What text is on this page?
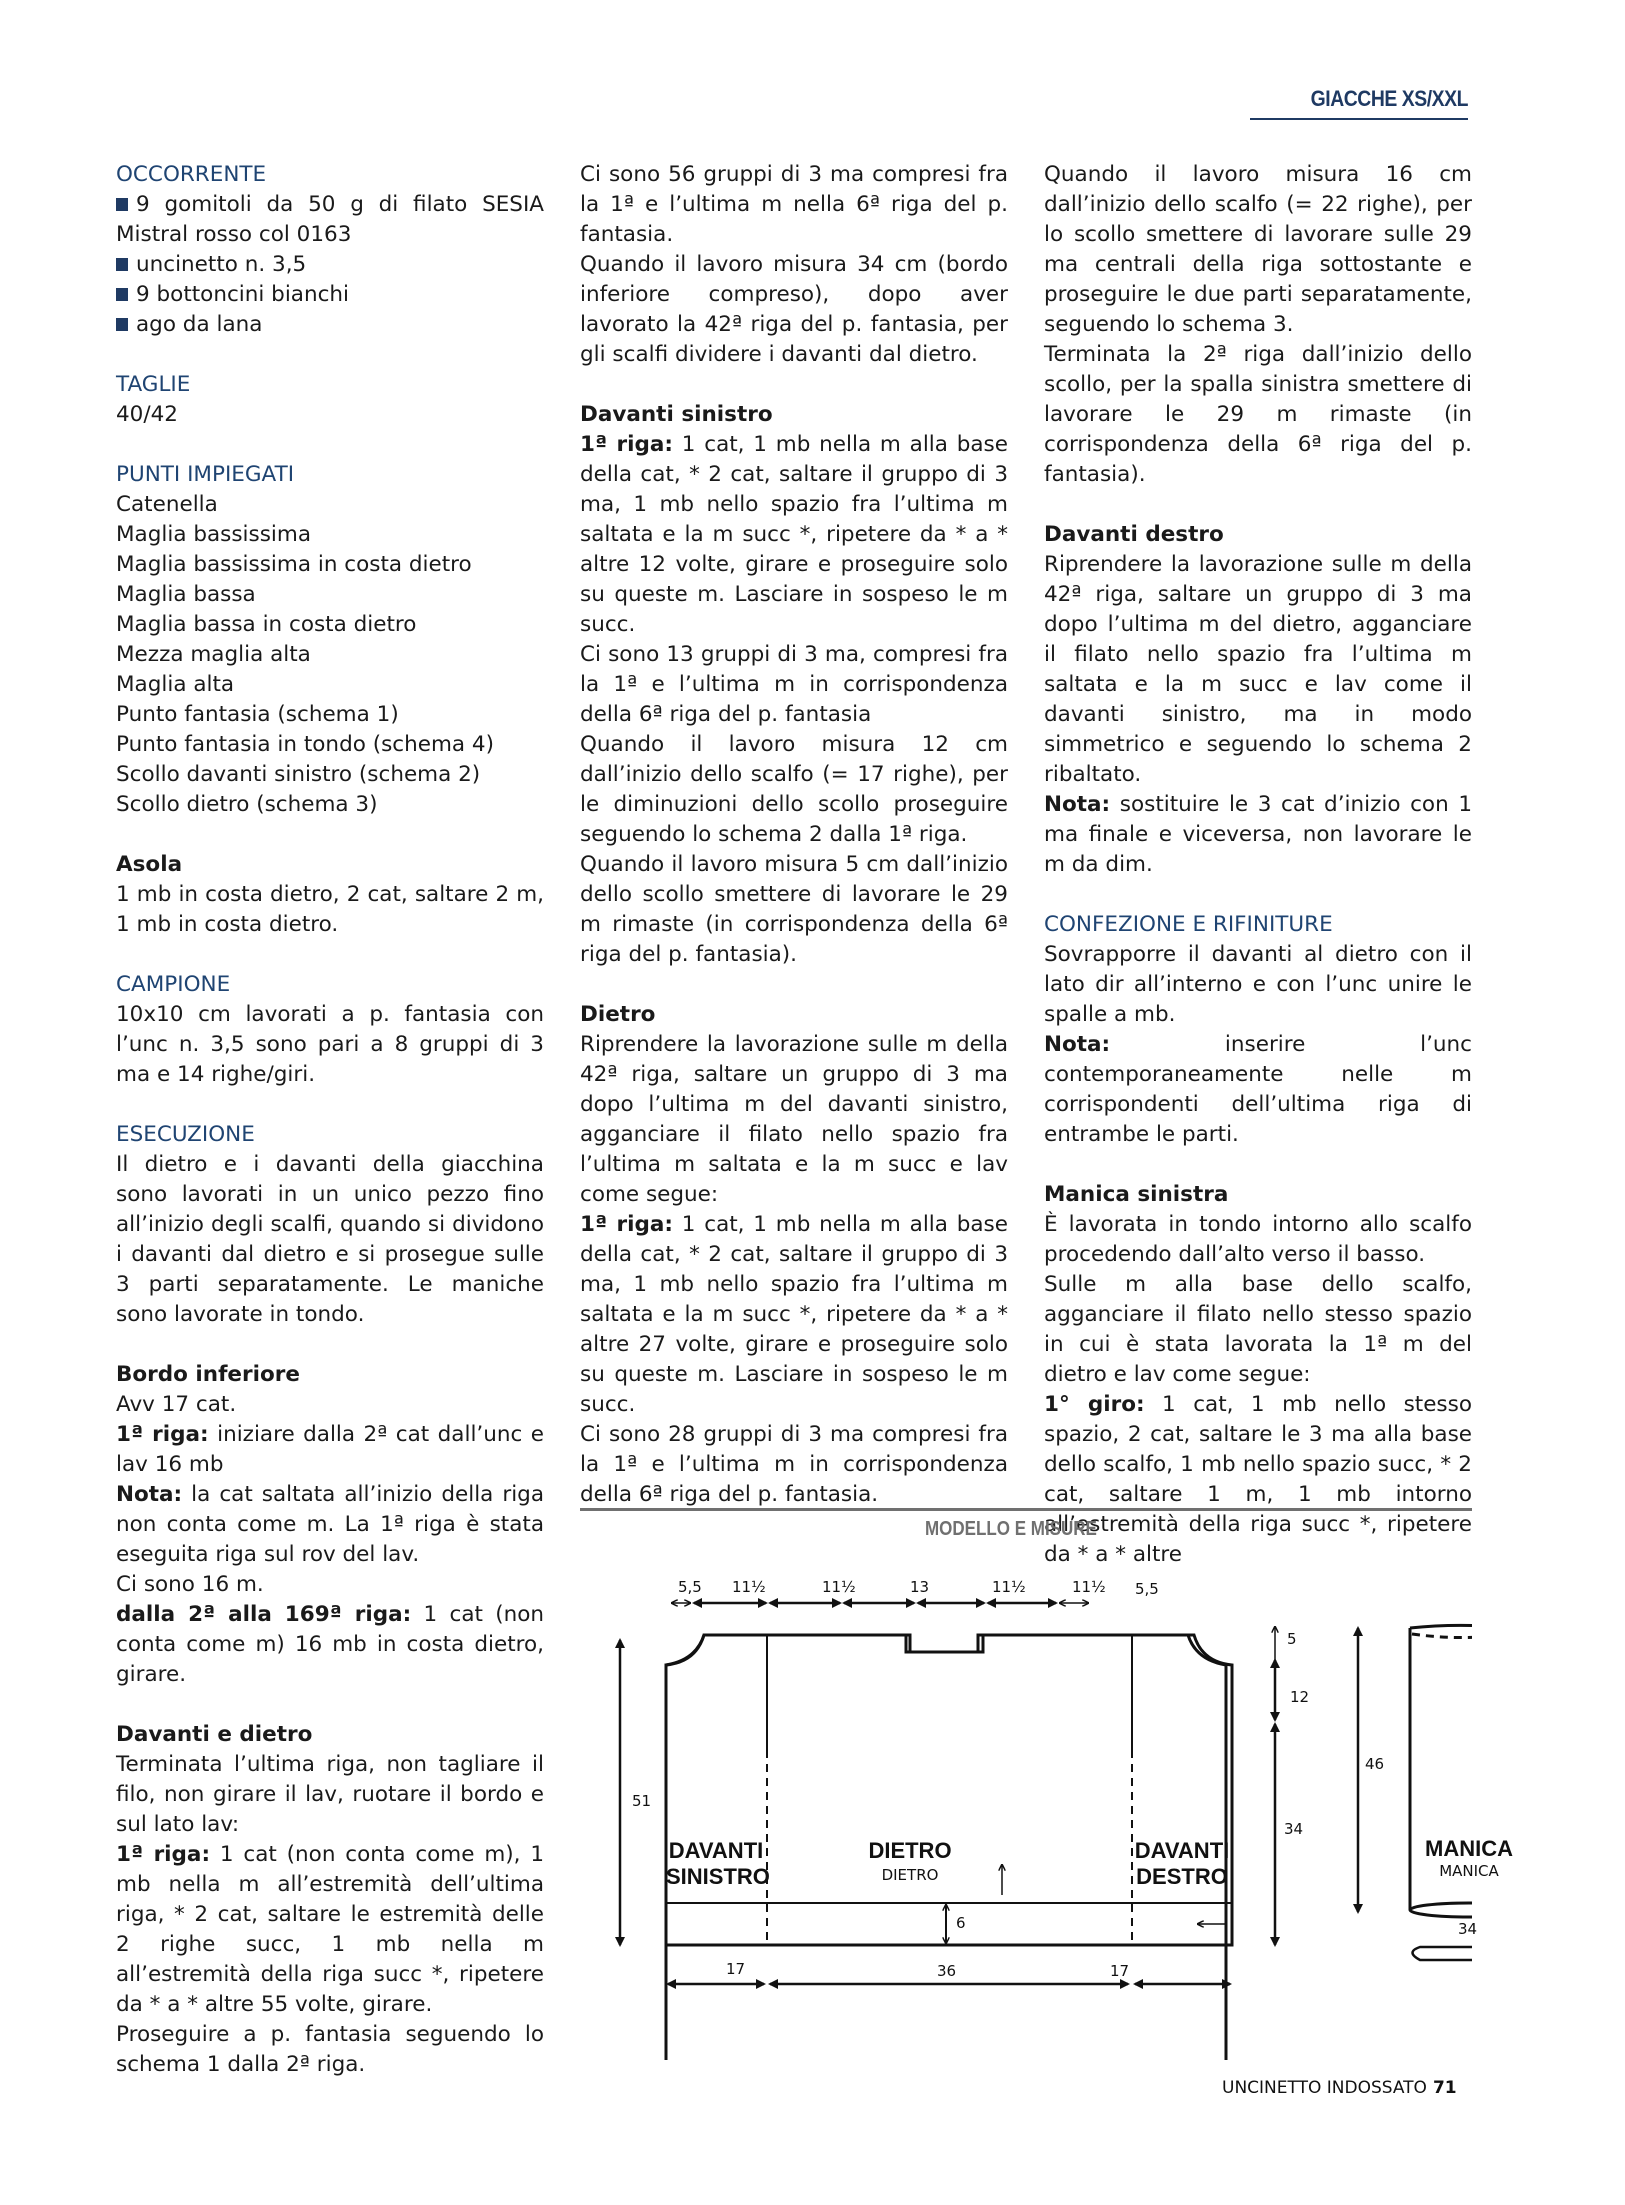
GIACCHE XS/XXL
OCCORRENTE

9 gomitoli da 50 g di filato SESIA Mistral rosso col 0163

uncinetto n. 3,5

9 bottoncini bianchi

ago da lana

TAGLIE

40/42

PUNTI IMPIEGATI

Catenella

Maglia bassissima

Maglia bassissima in costa dietro

Maglia bassa

Maglia bassa in costa dietro

Mezza maglia alta

Maglia alta

Punto fantasia (schema 1)

Punto fantasia in tondo (schema 4)

Scollo davanti sinistro (schema 2)

Scollo dietro (schema 3)

Asola

1 mb in costa dietro, 2 cat, saltare 2 m, 1 mb in costa dietro.

CAMPIONE

10x10 cm lavorati a p. fantasia con l’unc n. 3,5 sono pari a 8 gruppi di 3 ma e 14 righe/giri.

ESECUZIONE

Il dietro e i davanti della giacchina sono lavorati in un unico pezzo fino all’inizio degli scalfi, quando si dividono i davanti dal dietro e si prosegue sulle 3 parti separatamente. Le maniche sono lavorate in tondo.

Bordo inferiore

Avv 17 cat.

1ª riga: iniziare dalla 2ª cat dall’unc e lav 16 mb

Nota: la cat saltata all’inizio della riga non conta come m. La 1ª riga è stata eseguita riga sul rov del lav.

Ci sono 16 m.

dalla 2ª alla 169ª riga: 1 cat (non conta come m) 16 mb in costa dietro, girare.

Davanti e dietro

Terminata l’ultima riga, non tagliare il filo, non girare il lav, ruotare il bordo e sul lato lav:

1ª riga: 1 cat (non conta come m), 1 mb nella m all’estremità dell’ultima riga, * 2 cat, saltare le estremità delle 2 righe succ, 1 mb nella m all’estremità della riga succ *, ripetere da * a * altre 55 volte, girare.

Proseguire a p. fantasia seguendo lo schema 1 dalla 2ª riga.

Ci sono 56 gruppi di 3 ma compresi fra la 1ª e l’ultima m nella 6ª riga del p. fantasia.

Quando il lavoro misura 34 cm (bordo inferiore compreso), dopo aver lavorato la 42ª riga del p. fantasia, per gli scalfi dividere i davanti dal dietro.

Davanti sinistro

1ª riga: 1 cat, 1 mb nella m alla base della cat, * 2 cat, saltare il gruppo di 3 ma, 1 mb nello spazio fra l’ultima m saltata e la m succ *, ripetere da * a * altre 12 volte, girare e proseguire solo su queste m. Lasciare in sospeso le m succ.

Ci sono 13 gruppi di 3 ma, compresi fra la 1ª e l’ultima m in corrispondenza della 6ª riga del p. fantasia

Quando il lavoro misura 12 cm dall’inizio dello scalfo (= 17 righe), per le diminuzioni dello scollo proseguire seguendo lo schema 2 dalla 1ª riga.

Quando il lavoro misura 5 cm dall’inizio dello scollo smettere di lavorare le 29 m rimaste (in corrispondenza della 6ª riga del p. fantasia).

Dietro

Riprendere la lavorazione sulle m della 42ª riga, saltare un gruppo di 3 ma dopo l’ultima m del davanti sinistro, agganciare il filato nello spazio fra l’ultima m saltata e la m succ e lav come segue:

1ª riga: 1 cat, 1 mb nella m alla base della cat, * 2 cat, saltare il gruppo di 3 ma, 1 mb nello spazio fra l’ultima m saltata e la m succ *, ripetere da * a * altre 27 volte, girare e proseguire solo su queste m. Lasciare in sospeso le m succ.

Ci sono 28 gruppi di 3 ma compresi fra la 1ª e l’ultima m in corrispondenza della 6ª riga del p. fantasia.

Quando il lavoro misura 16 cm dall’inizio dello scalfo (= 22 righe), per lo scollo smettere di lavorare sulle 29 ma centrali della riga sottostante e proseguire le due parti separatamente, seguendo lo schema 3.

Terminata la 2ª riga dall’inizio dello scollo, per la spalla sinistra smettere di lavorare le 29 m rimaste (in corrispondenza della 6ª riga del p. fantasia).

Davanti destro

Riprendere la lavorazione sulle m della 42ª riga, saltare un gruppo di 3 ma dopo l’ultima m del dietro, agganciare il filato nello spazio fra l’ultima m saltata e la m succ e lav come il davanti sinistro, ma in modo simmetrico e seguendo lo schema 2 ribaltato.

Nota: sostituire le 3 cat d’inizio con 1 ma finale e viceversa, non lavorare le m da dim.

CONFEZIONE E RIFINITURE

Sovrapporre il davanti al dietro con il lato dir all’interno e con l’unc unire le spalle a mb.

Nota: inserire l’unc contemporaneamente nelle m corrispondenti dell’ultima riga di entrambe le parti.

Manica sinistra

È lavorata in tondo intorno allo scalfo procedendo dall’alto verso il basso.

Sulle m alla base dello scalfo, agganciare il filato nello stesso spazio in cui è stata lavorata la 1ª m del dietro e lav come segue:

1° giro: 1 cat, 1 mb nello stesso spazio, 2 cat, saltare le 3 ma alla base dello scalfo, 1 mb nello spazio succ, * 2 cat, saltare 1 m, 1 mb intorno all’estremità della riga succ *, ripetere da * a * altre

MODELLO E MISURE
5,5 11½	11½	13	11½	11½ 5,5
51
6
17	36	17
5
12
34
46
34
DAVANTI SINISTRO
DIETRO
DIETRO
DAVANTI DESTRO
MANICA
MANICA
UNCINETTO INDOSSATO 71
